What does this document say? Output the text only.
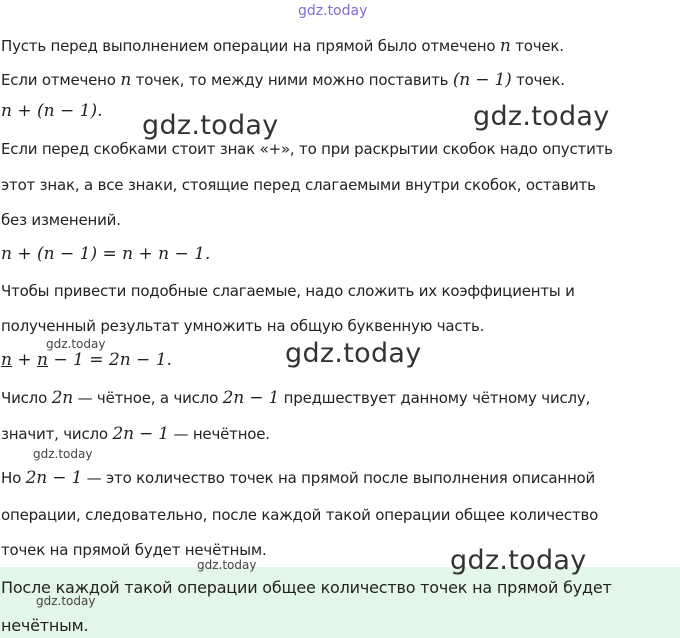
gdz.today
Пусть перед выполнением операции на прямой было отмечено n точек.
Если отмечено n точек, то между ними можно поставить (n − 1) точек.
n + (n − 1). gdz.today	gdz.today
Если перед скобками стоит знак «+», то при раскрытии скобок надо опустить
этот знак, а все знаки, стоящие перед слагаемыми внутри скобок, оставить
без изменений.
n + (n − 1) = n + n − 1.
Чтобы привести подобные слагаемые, надо сложить их коэффициенты и
полученный результат умножить на общую буквенную часть.
gdz.today
n + n − 1 = 2n − 1.	gdz.today
Число 2n — чётное, а число 2n − 1 предшествует данному чётному числу,
значит, число 2n − 1 — нечётное.
gdz.today
Но 2n − 1 — это количество точек на прямой после выполнения описанной
операции, следовательно, после каждой такой операции общее количество
точек на прямой будет нечётным.
После каждой такой операции общее количество точек на прямой будет
нечётным.
gdz.today
gdz.today
gdz.today
